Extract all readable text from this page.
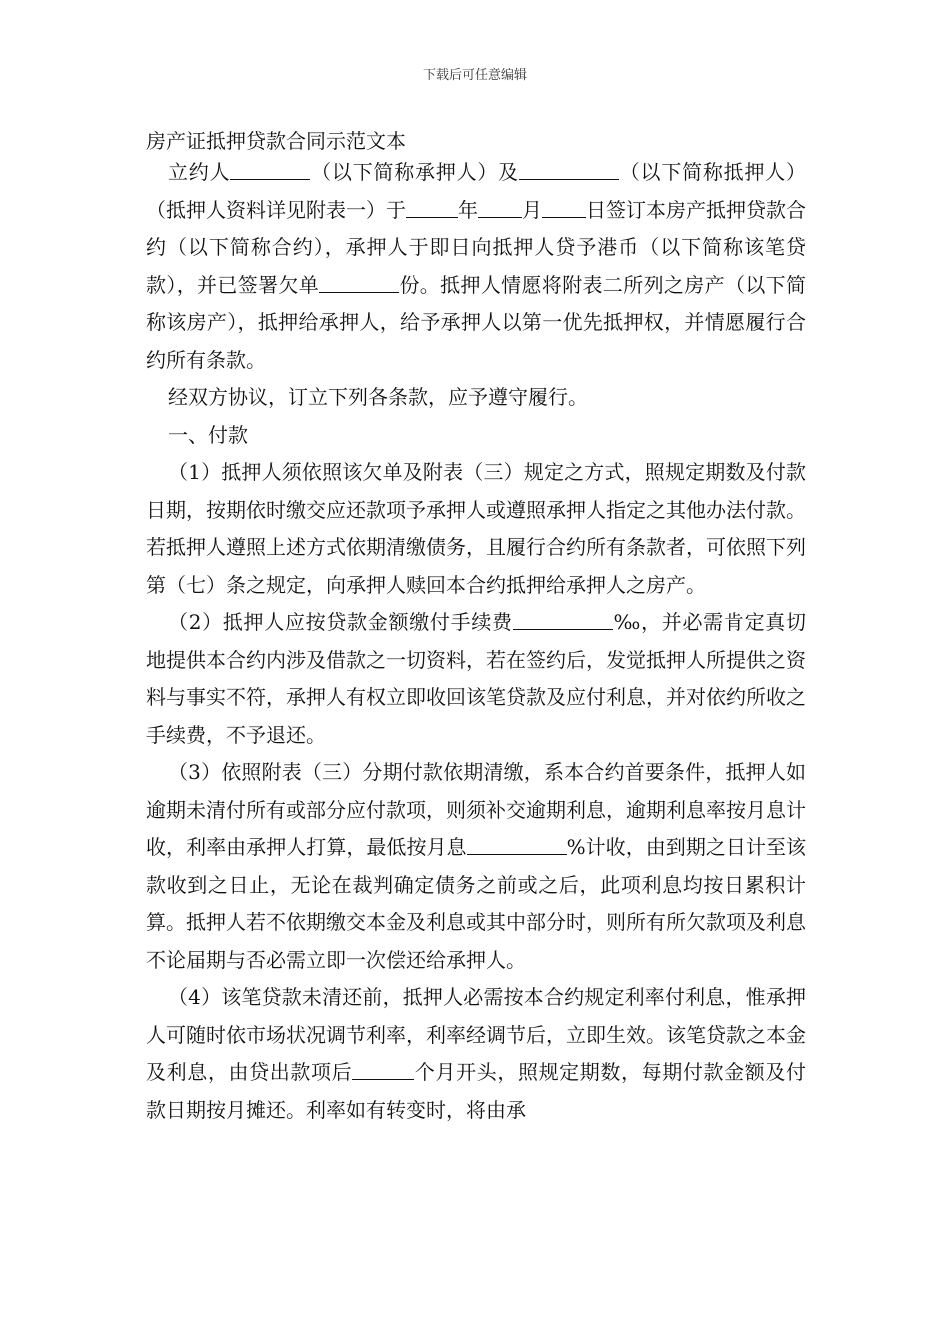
下载后可任意编辑
房产证抵押贷款合同示范文本

立约人	（以下简称承押人）及	（以下简称抵押人）（抵押人资料详见附表一）于	年 月 日签订本房产抵押贷款合约（以下简称合约），承押人于即日向抵押人贷予港币（以下简称该笔贷款），并已签署欠单	份。抵押人情愿将附表二所列之房产（以下简称该房产），抵押给承押人，给予承押人以第一优先抵押权，并情愿履行合约所有条款。

经双方协议，订立下列各条款，应予遵守履行。

一、付款

（1）抵押人须依照该欠单及附表（三）规定之方式，照规定期数及付款日期，按期依时缴交应还款项予承押人或遵照承押人指定之其他办法付款。若抵押人遵照上述方式依期清缴债务，且履行合约所有条款者，可依照下列第（七）条之规定，向承押人赎回本合约抵押给承押人之房产。

（2）抵押人应按贷款金额缴付手续费	‰，并必需肯定真切地提供本合约内涉及借款之一切资料，若在签约后，发觉抵押人所提供之资料与事实不符，承押人有权立即收回该笔贷款及应付利息，并对依约所收之手续费，不予退还。

（3）依照附表（三）分期付款依期清缴，系本合约首要条件，抵押人如逾期未清付所有或部分应付款项，则须补交逾期利息，逾期利息率按月息计收，利率由承押人打算，最低按月息	%计收，由到期之日计至该款收到之日止，无论在裁判确定债务之前或之后，此项利息均按日累积计算。抵押人若不依期缴交本金及利息或其中部分时，则所有所欠款项及利息不论届期与否必需立即一次偿还给承押人。

（4）该笔贷款未清还前，抵押人必需按本合约规定利率付利息，惟承押人可随时依市场状况调节利率，利率经调节后，立即生效。该笔贷款之本金及利息，由贷出款项后	个月开头，照规定期数，每期付款金额及付款日期按月摊还。利率如有转变时，将由承
